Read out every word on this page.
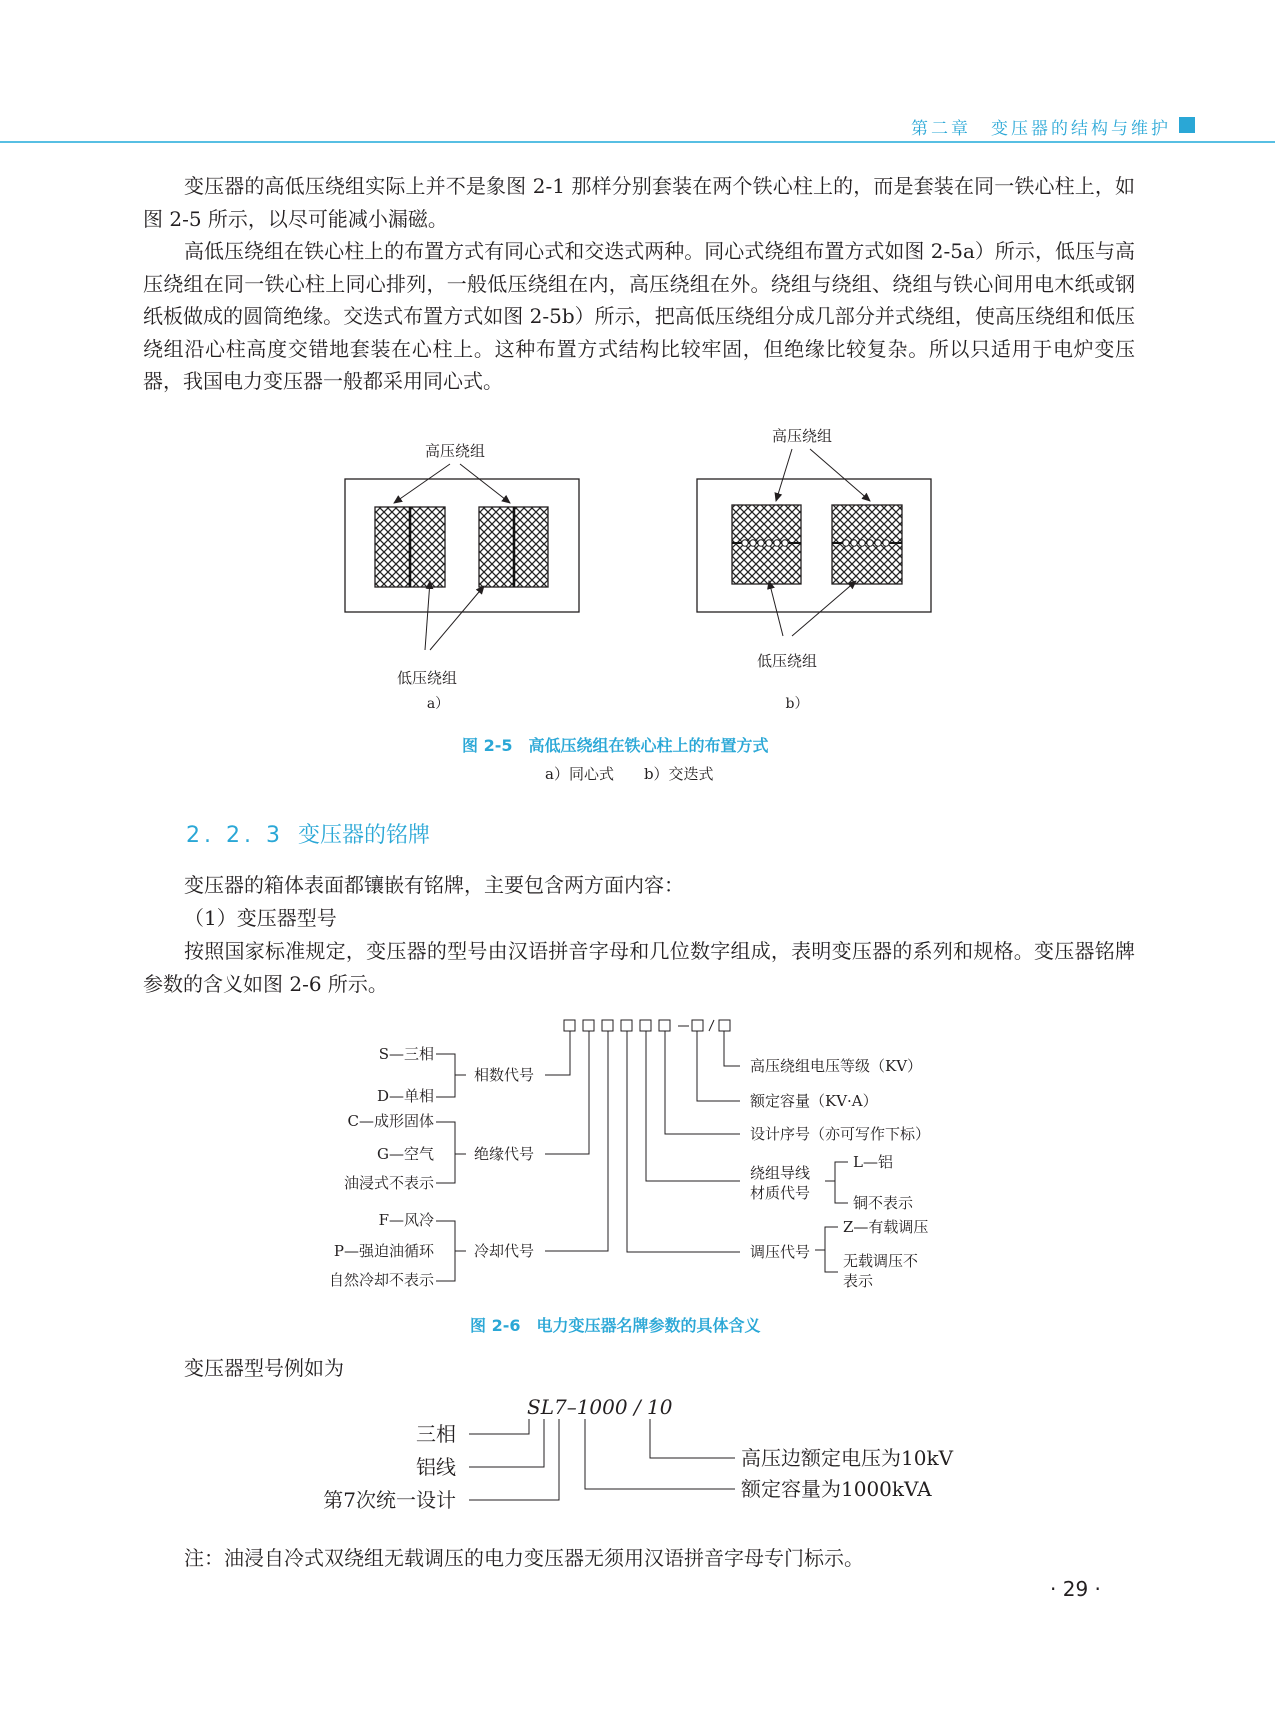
第二章　变压器的结构与维护

变压器的高低压绕组实际上并不是象图 2-1 那样分别套装在两个铁心柱上的，而是套装在同一铁心柱上，如图 2-5 所示，以尽可能减小漏磁。

高低压绕组在铁心柱上的布置方式有同心式和交迭式两种。同心式绕组布置方式如图 2-5a）所示，低压与高压绕组在同一铁心柱上同心排列，一般低压绕组在内，高压绕组在外。绕组与绕组、绕组与铁心间用电木纸或钢纸板做成的圆筒绝缘。交迭式布置方式如图 2-5b）所示，把高低压绕组分成几部分并式绕组，使高压绕组和低压绕组沿心柱高度交错地套装在心柱上。这种布置方式结构比较牢固，但绝缘比较复杂。所以只适用于电炉变压器，我国电力变压器一般都采用同心式。

高压绕组
低压绕组
a）
高压绕组
低压绕组
b）
图 2-5　高低压绕组在铁心柱上的布置方式
a）同心式　　b）交迭式
2. 2. 3 变压器的铭牌
变压器的箱体表面都镶嵌有铭牌，主要包含两方面内容：
（1）变压器型号

按照国家标准规定，变压器的型号由汉语拼音字母和几位数字组成，表明变压器的系列和规格。变压器铭牌参数的含义如图 2-6 所示。

S—三相
D—单相
相数代号
C—成形固体
G—空气
油浸式不表示
绝缘代号
F—风冷
P—强迫油循环
自然冷却不表示
冷却代号
高压绕组电压等级（KV）
额定容量（KV·A）
设计序号（亦可写作下标）
绕组导线
材质代号
L—铝
铜不表示
调压代号
Z—有载调压
无载调压不
表示
图 2-6　电力变压器名牌参数的具体含义
变压器型号例如为
SL7–1000 / 10
三相
铝线
第7次统一设计
高压边额定电压为10kV
额定容量为1000kVA
注：油浸自冷式双绕组无载调压的电力变压器无须用汉语拼音字母专门标示。
· 29 ·
